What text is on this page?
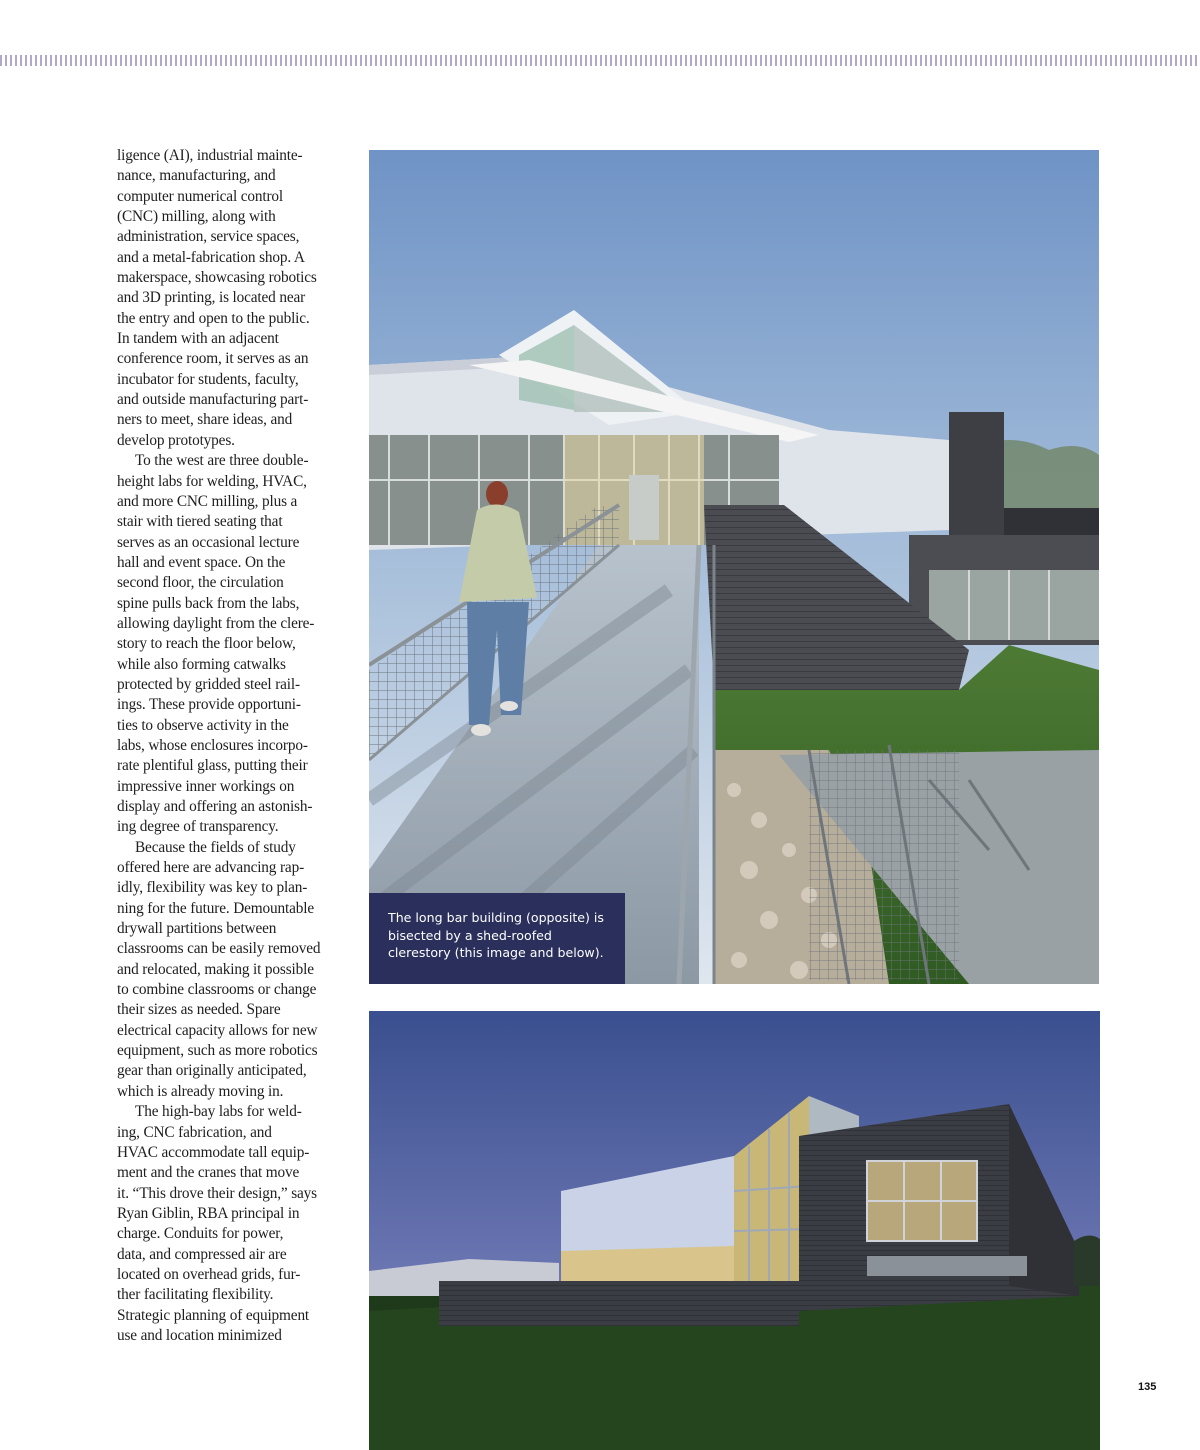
ligence (AI), industrial mainte-
nance, manufacturing, and
computer numerical control
(CNC) milling, along with
administration, service spaces,
and a metal-fabrication shop. A
makerspace, showcasing robotics
and 3D printing, is located near
the entry and open to the public.
In tandem with an adjacent
conference room, it serves as an
incubator for students, faculty,
and outside manufacturing part-
ners to meet, share ideas, and
develop prototypes.
To the west are three double-
height labs for welding, HVAC,
and more CNC milling, plus a
stair with tiered seating that
serves as an occasional lecture
hall and event space. On the
second floor, the circulation
spine pulls back from the labs,
allowing daylight from the clere-
story to reach the floor below,
while also forming catwalks
protected by gridded steel rail-
ings. These provide opportuni-
ties to observe activity in the
labs, whose enclosures incorpo-
rate plentiful glass, putting their
impressive inner workings on
display and offering an astonish-
ing degree of transparency.
Because the fields of study
offered here are advancing rap-
idly, flexibility was key to plan-
ning for the future. Demountable
drywall partitions between
classrooms can be easily removed
and relocated, making it possible
to combine classrooms or change
their sizes as needed. Spare
electrical capacity allows for new
equipment, such as more robotics
gear than originally anticipated,
which is already moving in.
The high-bay labs for weld-
ing, CNC fabrication, and
HVAC accommodate tall equip-
ment and the cranes that move
it. “This drove their design,” says
Ryan Giblin, RBA principal in
charge. Conduits for power,
data, and compressed air are
located on overhead grids, fur-
ther facilitating flexibility.
Strategic planning of equipment
use and location minimized
The long bar building (opposite) is
bisected by a shed-roofed
clerestory (this image and below).
135
